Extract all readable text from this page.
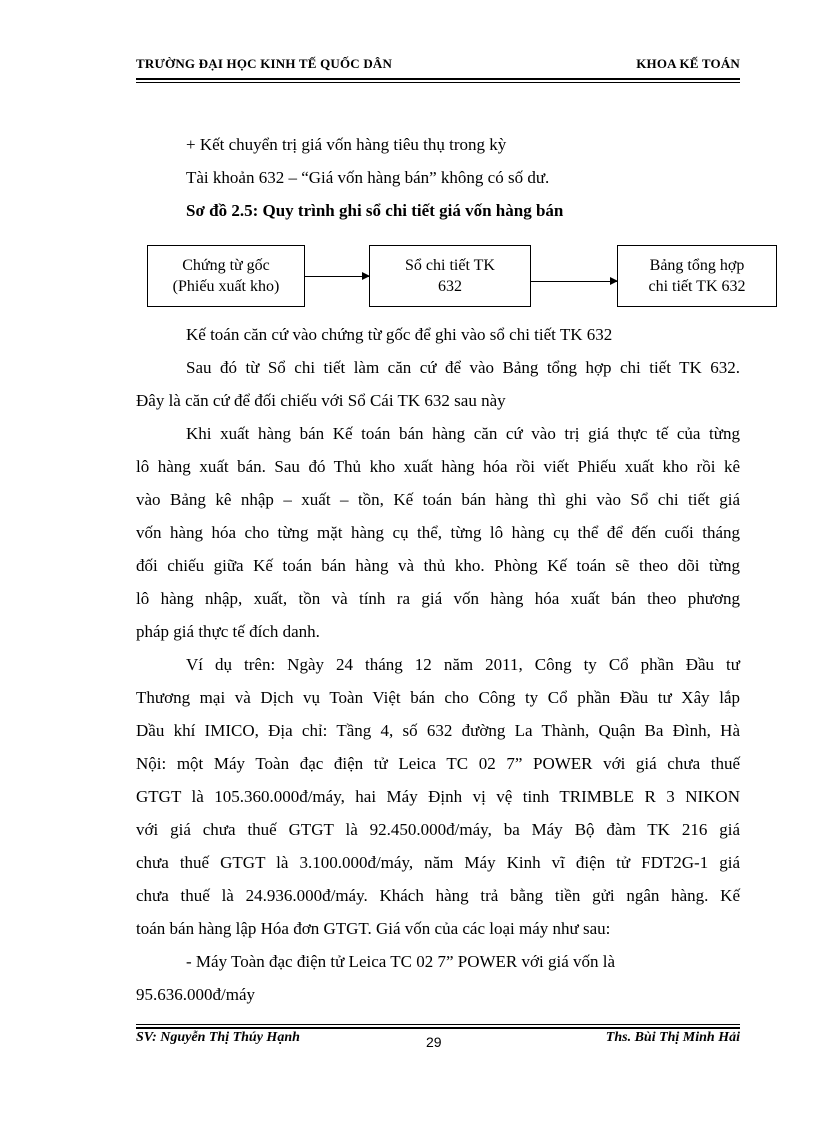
TRƯỜNG ĐẠI HỌC KINH TẾ QUỐC DÂN	KHOA KẾ TOÁN
+ Kết chuyển trị giá vốn hàng tiêu thụ trong kỳ
Tài khoản 632 – “Giá vốn hàng bán” không có số dư.
Sơ đồ 2.5: Quy trình ghi sổ chi tiết giá vốn hàng bán
Chứng từ gốc
(Phiếu xuất kho)
Sổ chi tiết TK
632
Bảng tổng hợp
chi tiết TK 632
Kế toán căn cứ vào chứng từ gốc để ghi vào sổ chi tiết TK 632
Sau đó từ Sổ chi tiết làm căn cứ để vào Bảng tổng hợp chi tiết TK 632.
Đây là căn cứ để đối chiếu với Sổ Cái TK 632 sau này
Khi xuất hàng bán Kế toán bán hàng căn cứ vào trị giá thực tế của từng
lô hàng xuất bán. Sau đó Thủ kho xuất hàng hóa rồi viết Phiếu xuất kho rồi kê
vào Bảng kê nhập – xuất – tồn, Kế toán bán hàng thì ghi vào Sổ chi tiết giá
vốn hàng hóa cho từng mặt hàng cụ thể, từng lô hàng cụ thể để đến cuối tháng
đối chiếu giữa Kế toán bán hàng và thủ kho. Phòng Kế toán sẽ theo dõi từng
lô hàng nhập, xuất, tồn và tính ra giá vốn hàng hóa xuất bán theo phương
pháp giá thực tế đích danh.
Ví dụ trên: Ngày 24 tháng 12 năm 2011, Công ty Cổ phần Đầu tư
Thương mại và Dịch vụ Toàn Việt bán cho Công ty Cổ phần Đầu tư Xây lắp
Dầu khí IMICO, Địa chỉ: Tầng 4, số 632 đường La Thành, Quận Ba Đình, Hà
Nội: một Máy Toàn đạc điện tử Leica TC 02 7” POWER với giá chưa thuế
GTGT là 105.360.000đ/máy, hai Máy Định vị vệ tinh TRIMBLE R 3 NIKON
với giá chưa thuế GTGT là 92.450.000đ/máy, ba Máy Bộ đàm TK 216 giá
chưa thuế GTGT là 3.100.000đ/máy, năm Máy Kinh vĩ điện tử FDT2G-1 giá
chưa thuế là 24.936.000đ/máy. Khách hàng trả bằng tiền gửi ngân hàng. Kế
toán bán hàng lập Hóa đơn GTGT. Giá vốn của các loại máy như sau:
- Máy Toàn đạc điện tử Leica TC 02 7” POWER với giá vốn là
95.636.000đ/máy
SV: Nguyễn Thị Thúy Hạnh	29	Ths. Bùi Thị Minh Hải
